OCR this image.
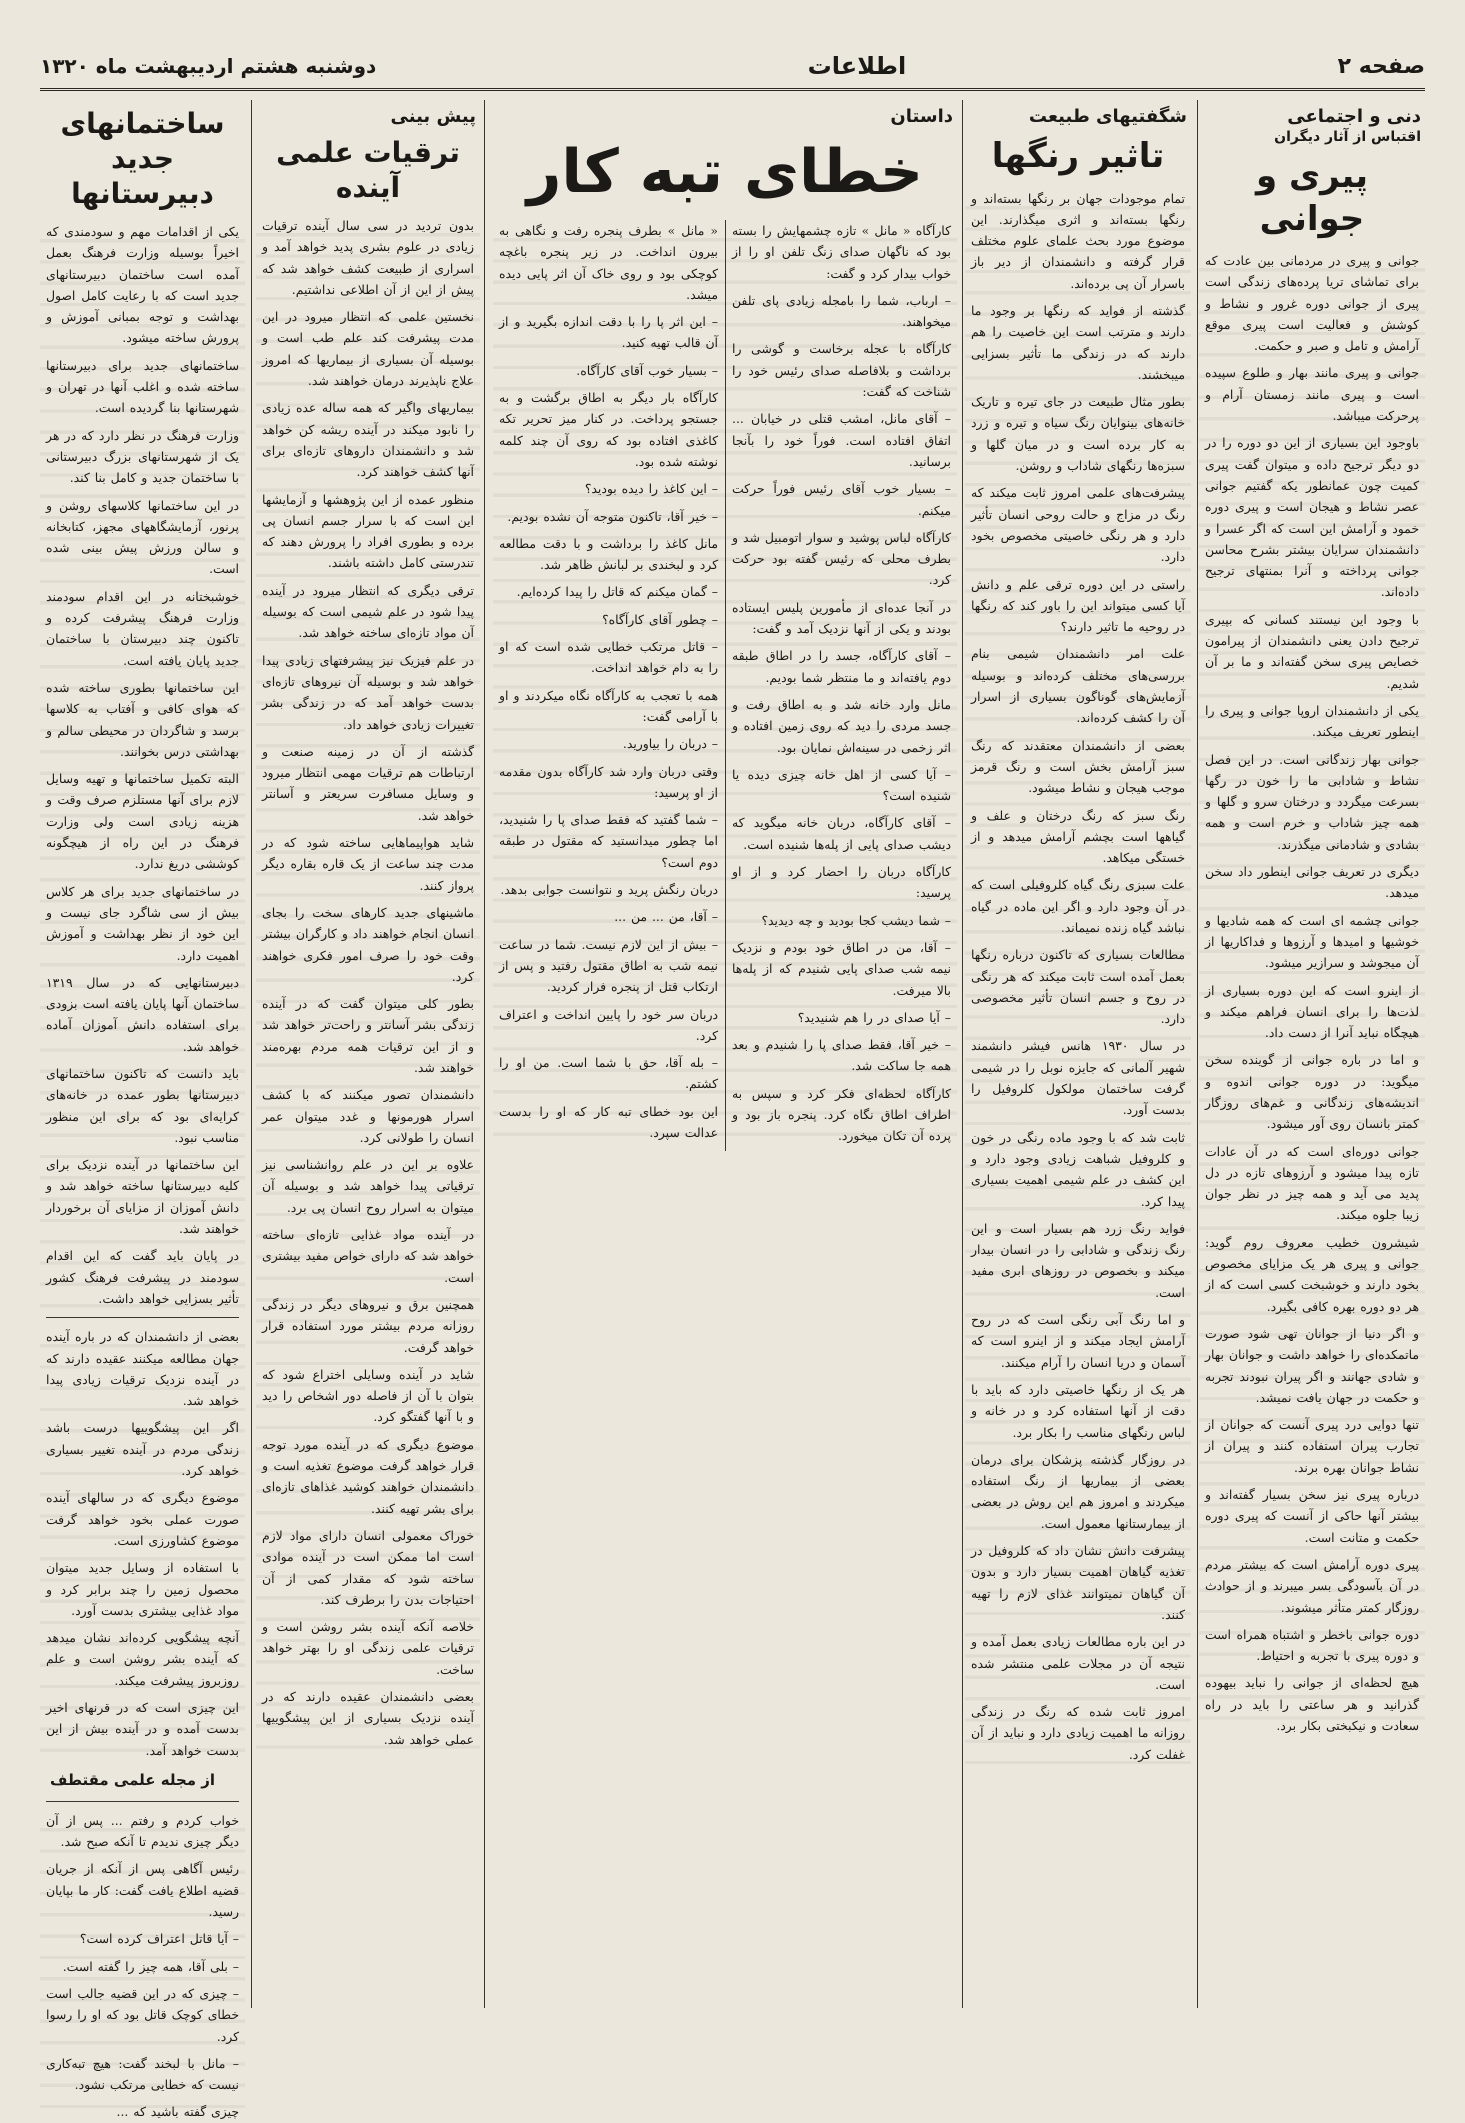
صفحه ۲
اطلاعات
دوشنبه هشتم اردیبهشت ماه ۱۳۲۰
دنی و اجتماعی
اقتباس از آثار دیگران
پیری و جوانی

جوانی و پیری در مردمانی بین عادت که برای تماشای تریا پرده‌های زندگی است پیری از جوانی دوره غرور و نشاط و کوشش و فعالیت است پیری موقع آرامش و تامل و صبر و حکمت.

جوانی و پیری مانند بهار و طلوع سپیده است و پیری مانند زمستان آرام و پرحرکت میباشد.

باوجود این بسیاری از این دو دوره را در دو دیگر ترجیح داده و میتوان گفت پیری کمیت چون عمانطور یکه گفتیم جوانی عصر نشاط و هیجان است و پیری دوره خمود و آرامش این است که اگر عسرا و دانشمندان سرایان بیشتر بشرح محاسن جوانی پرداخته و آنرا بمنتهای ترجیح داده‌اند.

با وجود این نیستند کسانی که بپیری ترجیح دادن یعنی دانشمندان از پیرامون خصایص پیری سخن گفته‌اند و ما بر آن شدیم.

یکی از دانشمندان اروپا جوانی و پیری را اینطور تعریف میکند.

جوانی بهار زندگانی است. در این فصل نشاط و شادابی ما را خون در رگها بسرعت میگردد و درختان سرو و گلها و همه چیز شاداب و خرم است و همه بشادی و شادمانی میگذرند.

دیگری در تعریف جوانی اینطور داد سخن میدهد.

جوانی چشمه ای است که همه شادیها و خوشیها و امیدها و آرزوها و فداکاریها از آن میجوشد و سرازیر میشود.

از اینرو است که این دوره بسیاری از لذت‌ها را برای انسان فراهم میکند و هیچگاه نباید آنرا از دست داد.

و اما در باره جوانی از گوینده سخن میگوید: در دوره جوانی اندوه و اندیشه‌های زندگانی و غم‌های روزگار کمتر بانسان روی آور میشود.

جوانی دوره‌ای است که در آن عادات تازه پیدا میشود و آرزوهای تازه در دل پدید می آید و همه چیز در نظر جوان زیبا جلوه میکند.

شیشرون خطیب معروف روم گوید: جوانی و پیری هر یک مزایای مخصوص بخود دارند و خوشبخت کسی است که از هر دو دوره بهره کافی بگیرد.

و اگر دنیا از جوانان تهی شود صورت ماتمکده‌ای را خواهد داشت و جوانان بهار و شادی جهانند و اگر پیران نبودند تجربه و حکمت در جهان یافت نمیشد.

تنها دوایی درد پیری آنست که جوانان از تجارب پیران استفاده کنند و پیران از نشاط جوانان بهره برند.

درباره پیری نیز سخن بسیار گفته‌اند و بیشتر آنها حاکی از آنست که پیری دوره حکمت و متانت است.

پیری دوره آرامش است که بیشتر مردم در آن بآسودگی بسر میبرند و از حوادث روزگار کمتر متأثر میشوند.

دوره جوانی باخطر و اشتباه همراه است و دوره پیری با تجربه و احتیاط.

هیچ لحظه‌ای از جوانی را نباید بیهوده گذرانید و هر ساعتی را باید در راه سعادت و نیکبختی بکار برد.

شگفتیهای طبیعت
تاثیر رنگها

تمام موجودات جهان بر رنگها بسته‌اند و رنگها بسته‌اند و اثری میگذارند. این موضوع مورد بحث علمای علوم مختلف قرار گرفته و دانشمندان از دیر باز باسرار آن پی برده‌اند.

گذشته از فواید که رنگها بر وجود ما دارند و مترتب است این خاصیت را هم دارند که در زندگی ما تأثیر بسزایی میبخشند.

بطور مثال طبیعت در جای تیره و تاریک خانه‌های بینوایان رنگ سیاه و تیره و زرد به کار برده است و در میان گلها و سبزه‌ها رنگهای شاداب و روشن.

پیشرفت‌های علمی امروز ثابت میکند که رنگ در مزاج و حالت روحی انسان تأثیر دارد و هر رنگی خاصیتی مخصوص بخود دارد.

راستی در این دوره ترقی علم و دانش آیا کسی میتواند این را باور کند که رنگها در روحیه ما تاثیر دارند؟

علت امر دانشمندان شیمی بنام بررسی‌های مختلف کرده‌اند و بوسیله آزمایش‌های گوناگون بسیاری از اسرار آن را کشف کرده‌اند.

بعضی از دانشمندان معتقدند که رنگ سبز آرامش بخش است و رنگ قرمز موجب هیجان و نشاط میشود.

رنگ سبز که رنگ درختان و علف و گیاهها است بچشم آرامش میدهد و از خستگی میکاهد.

علت سبزی رنگ گیاه کلروفیلی است که در آن وجود دارد و اگر این ماده در گیاه نباشد گیاه زنده نمیماند.

مطالعات بسیاری که تاکنون درباره رنگها بعمل آمده است ثابت میکند که هر رنگی در روح و جسم انسان تأثیر مخصوصی دارد.

در سال ۱۹۳۰ هانس فیشر دانشمند شهیر آلمانی که جایزه نوبل را در شیمی گرفت ساختمان مولکول کلروفیل را بدست آورد.

ثابت شد که با وجود ماده رنگی در خون و کلروفیل شباهت زیادی وجود دارد و این کشف در علم شیمی اهمیت بسیاری پیدا کرد.

فواید رنگ زرد هم بسیار است و این رنگ زندگی و شادابی را در انسان بیدار میکند و بخصوص در روزهای ابری مفید است.

و اما رنگ آبی رنگی است که در روح آرامش ایجاد میکند و از اینرو است که آسمان و دریا انسان را آرام میکنند.

هر یک از رنگها خاصیتی دارد که باید با دقت از آنها استفاده کرد و در خانه و لباس رنگهای مناسب را بکار برد.

در روزگار گذشته پزشکان برای درمان بعضی از بیماریها از رنگ استفاده میکردند و امروز هم این روش در بعضی از بیمارستانها معمول است.

پیشرفت دانش نشان داد که کلروفیل در تغذیه گیاهان اهمیت بسیار دارد و بدون آن گیاهان نمیتوانند غذای لازم را تهیه کنند.

در این باره مطالعات زیادی بعمل آمده و نتیجه آن در مجلات علمی منتشر شده است.

امروز ثابت شده که رنگ در زندگی روزانه ما اهمیت زیادی دارد و نباید از آن غفلت کرد.

داستان
خطای تبه کار

کارآگاه « مانل » تازه چشمهایش را بسته بود که ناگهان صدای زنگ تلفن او را از خواب بیدار کرد و گفت:

– ارباب، شما را بامجله زیادی پای تلفن میخواهند.

کارآگاه با عجله برخاست و گوشی را برداشت و بلافاصله صدای رئیس خود را شناخت که گفت:

– آقای مانل، امشب قتلی در خیابان ... اتفاق افتاده است. فوراً خود را بآنجا برسانید.

– بسیار خوب آقای رئیس فوراً حرکت میکنم.

کارآگاه لباس پوشید و سوار اتومبیل شد و بطرف محلی که رئیس گفته بود حرکت کرد.

در آنجا عده‌ای از مأمورین پلیس ایستاده بودند و یکی از آنها نزدیک آمد و گفت:

– آقای کارآگاه، جسد را در اطاق طبقه دوم یافته‌اند و ما منتظر شما بودیم.

مانل وارد خانه شد و به اطاق رفت و جسد مردی را دید که روی زمین افتاده و اثر زخمی در سینه‌اش نمایان بود.

– آیا کسی از اهل خانه چیزی دیده یا شنیده است؟

– آقای کارآگاه، دربان خانه میگوید که دیشب صدای پایی از پله‌ها شنیده است.

کارآگاه دربان را احضار کرد و از او پرسید:

– شما دیشب کجا بودید و چه دیدید؟

– آقا، من در اطاق خود بودم و نزدیک نیمه شب صدای پایی شنیدم که از پله‌ها بالا میرفت.

– آیا صدای در را هم شنیدید؟

– خیر آقا، فقط صدای پا را شنیدم و بعد همه جا ساکت شد.

کارآگاه لحظه‌ای فکر کرد و سپس به اطراف اطاق نگاه کرد. پنجره باز بود و پرده آن تکان میخورد.

« مانل » بطرف پنجره رفت و نگاهی به بیرون انداخت. در زیر پنجره باغچه کوچکی بود و روی خاک آن اثر پایی دیده میشد.

– این اثر پا را با دقت اندازه بگیرید و از آن قالب تهیه کنید.

– بسیار خوب آقای کارآگاه.

کارآگاه بار دیگر به اطاق برگشت و به جستجو پرداخت. در کنار میز تحریر تکه کاغذی افتاده بود که روی آن چند کلمه نوشته شده بود.

– این کاغذ را دیده بودید؟

– خیر آقا، تاکنون متوجه آن نشده بودیم.

مانل کاغذ را برداشت و با دقت مطالعه کرد و لبخندی بر لبانش ظاهر شد.

– گمان میکنم که قاتل را پیدا کرده‌ایم.

– چطور آقای کارآگاه؟

– قاتل مرتکب خطایی شده است که او را به دام خواهد انداخت.

همه با تعجب به کارآگاه نگاه میکردند و او با آرامی گفت:

– دربان را بیاورید.

وقتی دربان وارد شد کارآگاه بدون مقدمه از او پرسید:

– شما گفتید که فقط صدای پا را شنیدید، اما چطور میدانستید که مقتول در طبقه دوم است؟

دربان رنگش پرید و نتوانست جوابی بدهد.

– آقا، من ... من ...

– بیش از این لازم نیست. شما در ساعت نیمه شب به اطاق مقتول رفتید و پس از ارتکاب قتل از پنجره فرار کردید.

دربان سر خود را پایین انداخت و اعتراف کرد.

– بله آقا، حق با شما است. من او را کشتم.

این بود خطای تبه کار که او را بدست عدالت سپرد.

پیش بینی
ترقیات علمی آینده

بدون تردید در سی سال آینده ترقیات زیادی در علوم بشری پدید خواهد آمد و اسراری از طبیعت کشف خواهد شد که پیش از این از آن اطلاعی نداشتیم.

نخستین علمی که انتظار میرود در این مدت پیشرفت کند علم طب است و بوسیله آن بسیاری از بیماریها که امروز علاج ناپذیرند درمان خواهند شد.

بیماریهای واگیر که همه ساله عده زیادی را نابود میکند در آینده ریشه کن خواهد شد و دانشمندان داروهای تازه‌ای برای آنها کشف خواهند کرد.

منظور عمده از این پژوهشها و آزمایشها این است که با سرار جسم انسان پی برده و بطوری افراد را پرورش دهند که تندرستی کامل داشته باشند.

ترقی دیگری که انتظار میرود در آینده پیدا شود در علم شیمی است که بوسیله آن مواد تازه‌ای ساخته خواهد شد.

در علم فیزیک نیز پیشرفتهای زیادی پیدا خواهد شد و بوسیله آن نیروهای تازه‌ای بدست خواهد آمد که در زندگی بشر تغییرات زیادی خواهد داد.

گذشته از آن در زمینه صنعت و ارتباطات هم ترقیات مهمی انتظار میرود و وسایل مسافرت سریعتر و آسانتر خواهد شد.

شاید هواپیماهایی ساخته شود که در مدت چند ساعت از یک قاره بقاره دیگر پرواز کنند.

ماشینهای جدید کارهای سخت را بجای انسان انجام خواهند داد و کارگران بیشتر وقت خود را صرف امور فکری خواهند کرد.

بطور کلی میتوان گفت که در آینده زندگی بشر آسانتر و راحت‌تر خواهد شد و از این ترقیات همه مردم بهره‌مند خواهند شد.

دانشمندان تصور میکنند که با کشف اسرار هورمونها و غدد میتوان عمر انسان را طولانی کرد.

علاوه بر این در علم روانشناسی نیز ترقیاتی پیدا خواهد شد و بوسیله آن میتوان به اسرار روح انسان پی برد.

در آینده مواد غذایی تازه‌ای ساخته خواهد شد که دارای خواص مفید بیشتری است.

همچنین برق و نیروهای دیگر در زندگی روزانه مردم بیشتر مورد استفاده قرار خواهد گرفت.

شاید در آینده وسایلی اختراع شود که بتوان با آن از فاصله دور اشخاص را دید و با آنها گفتگو کرد.

موضوع دیگری که در آینده مورد توجه قرار خواهد گرفت موضوع تغذیه است و دانشمندان خواهند کوشید غذاهای تازه‌ای برای بشر تهیه کنند.

خوراک معمولی انسان دارای مواد لازم است اما ممکن است در آینده موادی ساخته شود که مقدار کمی از آن احتیاجات بدن را برطرف کند.

خلاصه آنکه آینده بشر روشن است و ترقیات علمی زندگی او را بهتر خواهد ساخت.

بعضی دانشمندان عقیده دارند که در آینده نزدیک بسیاری از این پیشگوییها عملی خواهد شد.

ساختمانهای جدید دبیرستانها

یکی از اقدامات مهم و سودمندی که اخیراً بوسیله وزارت فرهنگ بعمل آمده است ساختمان دبیرستانهای جدید است که با رعایت کامل اصول بهداشت و توجه بمبانی آموزش و پرورش ساخته میشود.

ساختمانهای جدید برای دبیرستانها ساخته شده و اغلب آنها در تهران و شهرستانها بنا گردیده است.

وزارت فرهنگ در نظر دارد که در هر یک از شهرستانهای بزرگ دبیرستانی با ساختمان جدید و کامل بنا کند.

در این ساختمانها کلاسهای روشن و پرنور، آزمایشگاههای مجهز، کتابخانه و سالن ورزش پیش بینی شده است.

خوشبختانه در این اقدام سودمند وزارت فرهنگ پیشرفت کرده و تاکنون چند دبیرستان با ساختمان جدید پایان یافته است.

این ساختمانها بطوری ساخته شده که هوای کافی و آفتاب به کلاسها برسد و شاگردان در محیطی سالم و بهداشتی درس بخوانند.

البته تکمیل ساختمانها و تهیه وسایل لازم برای آنها مستلزم صرف وقت و هزینه زیادی است ولی وزارت فرهنگ در این راه از هیچگونه کوششی دریغ ندارد.

در ساختمانهای جدید برای هر کلاس بیش از سی شاگرد جای نیست و این خود از نظر بهداشت و آموزش اهمیت دارد.

دبیرستانهایی که در سال ۱۳۱۹ ساختمان آنها پایان یافته است بزودی برای استفاده دانش آموزان آماده خواهد شد.

باید دانست که تاکنون ساختمانهای دبیرستانها بطور عمده در خانه‌های کرایه‌ای بود که برای این منظور مناسب نبود.

این ساختمانها در آینده نزدیک برای کلیه دبیرستانها ساخته خواهد شد و دانش آموزان از مزایای آن برخوردار خواهند شد.

در پایان باید گفت که این اقدام سودمند در پیشرفت فرهنگ کشور تأثیر بسزایی خواهد داشت.

بعضی از دانشمندان که در باره آینده جهان مطالعه میکنند عقیده دارند که در آینده نزدیک ترقیات زیادی پیدا خواهد شد.

اگر این پیشگوییها درست باشد زندگی مردم در آینده تغییر بسیاری خواهد کرد.

موضوع دیگری که در سالهای آینده صورت عملی بخود خواهد گرفت موضوع کشاورزی است.

با استفاده از وسایل جدید میتوان محصول زمین را چند برابر کرد و مواد غذایی بیشتری بدست آورد.

آنچه پیشگویی کرده‌اند نشان میدهد که آینده بشر روشن است و علم روزبروز پیشرفت میکند.

این چیزی است که در قرنهای اخیر بدست آمده و در آینده بیش از این بدست خواهد آمد.

از مجله علمی مقتطف

خواب کردم و رفتم ... پس از آن دیگر چیزی ندیدم تا آنکه صبح شد.

رئیس آگاهی پس از آنکه از جریان قضیه اطلاع یافت گفت: کار ما بپایان رسید.

– آیا قاتل اعتراف کرده است؟

– بلی آقا، همه چیز را گفته است.

– چیزی که در این قضیه جالب است خطای کوچک قاتل بود که او را رسوا کرد.

– مانل با لبخند گفت: هیچ تبه‌کاری نیست که خطایی مرتکب نشود.

چیزی گفته باشید که ...
